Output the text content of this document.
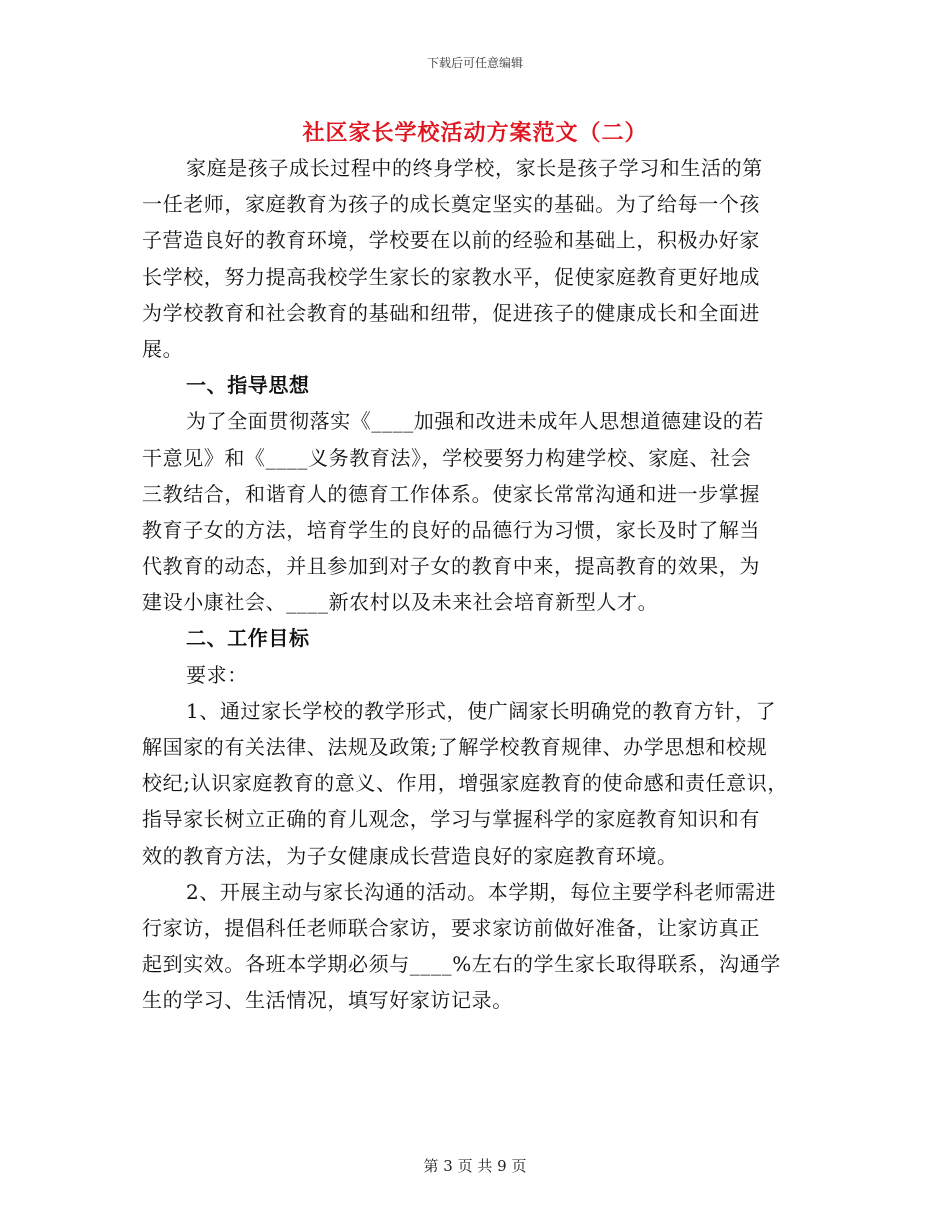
下载后可任意编辑
社区家长学校活动方案范文（二）
家庭是孩子成长过程中的终身学校，家长是孩子学习和生活的第
一任老师，家庭教育为孩子的成长奠定坚实的基础。为了给每一个孩
子营造良好的教育环境，学校要在以前的经验和基础上，积极办好家
长学校，努力提高我校学生家长的家教水平，促使家庭教育更好地成
为学校教育和社会教育的基础和纽带，促进孩子的健康成长和全面进
展。
一、指导思想
为了全面贯彻落实《____加强和改进未成年人思想道德建设的若
干意见》和《____义务教育法》，学校要努力构建学校、家庭、社会
三教结合，和谐育人的德育工作体系。使家长常常沟通和进一步掌握
教育子女的方法，培育学生的良好的品德行为习惯，家长及时了解当
代教育的动态，并且参加到对子女的教育中来，提高教育的效果，为
建设小康社会、____新农村以及未来社会培育新型人才。
二、工作目标
要求：
1、通过家长学校的教学形式，使广阔家长明确党的教育方针，了
解国家的有关法律、法规及政策;了解学校教育规律、办学思想和校规
校纪;认识家庭教育的意义、作用，增强家庭教育的使命感和责任意识，
指导家长树立正确的育儿观念，学习与掌握科学的家庭教育知识和有
效的教育方法，为子女健康成长营造良好的家庭教育环境。
2、开展主动与家长沟通的活动。本学期，每位主要学科老师需进
行家访，提倡科任老师联合家访，要求家访前做好准备，让家访真正
起到实效。各班本学期必须与____%左右的学生家长取得联系，沟通学
生的学习、生活情况，填写好家访记录。
第 3 页 共 9 页
